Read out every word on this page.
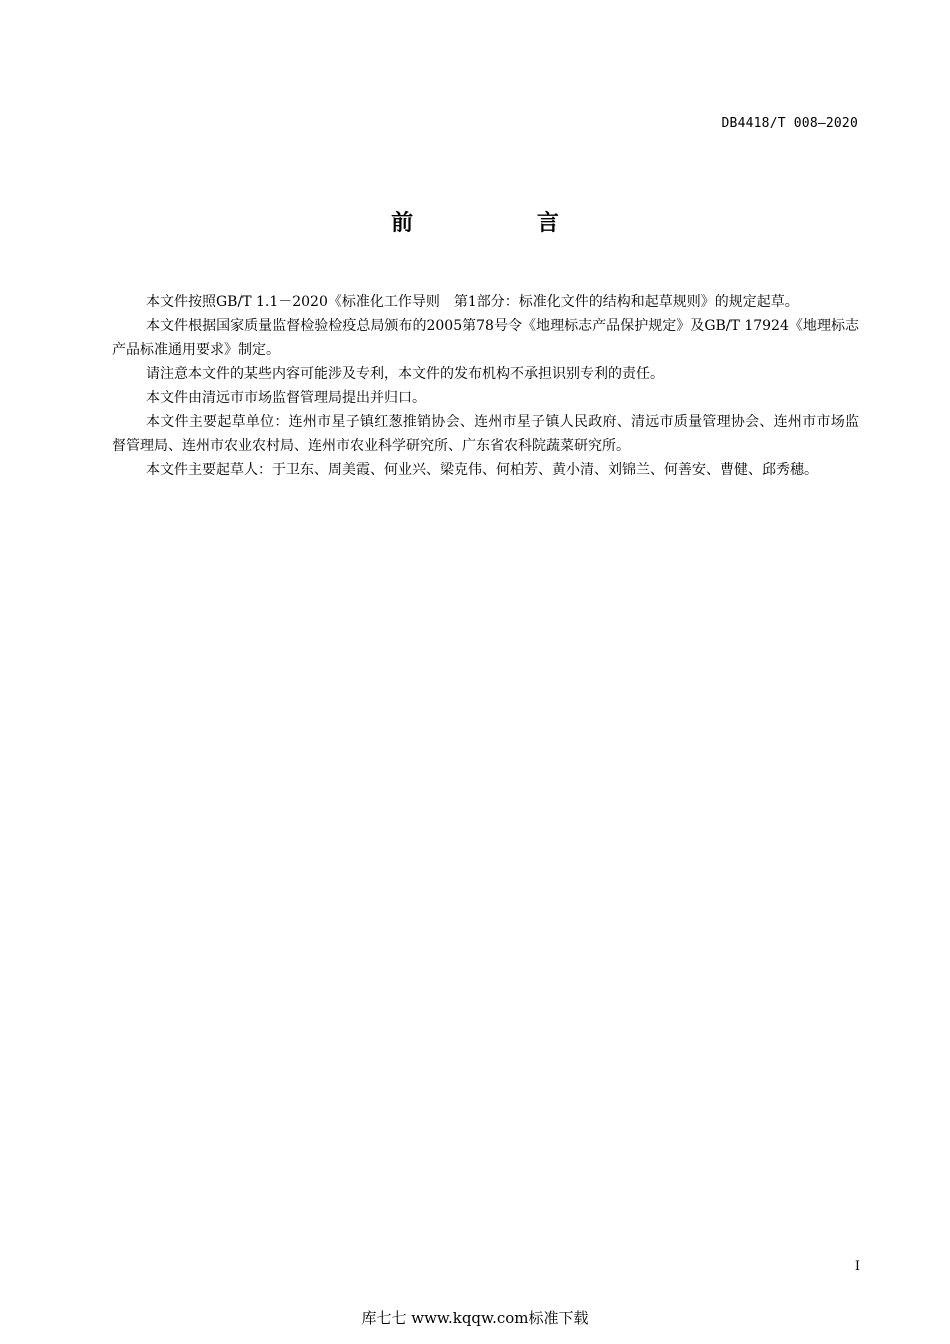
DB4418/T 008—2020
前 言

本文件按照GB/T 1.1－2020《标准化工作导则　第1部分：标准化文件的结构和起草规则》的规定起草。

本文件根据国家质量监督检验检疫总局颁布的2005第78号令《地理标志产品保护规定》及GB/T 17924《地理标志产品标准通用要求》制定。

请注意本文件的某些内容可能涉及专利，本文件的发布机构不承担识别专利的责任。

本文件由清远市市场监督管理局提出并归口。

本文件主要起草单位：连州市星子镇红葱推销协会、连州市星子镇人民政府、清远市质量管理协会、连州市市场监督管理局、连州市农业农村局、连州市农业科学研究所、广东省农科院蔬菜研究所。

本文件主要起草人：于卫东、周美霞、何业兴、梁克伟、何柏芳、黄小清、刘锦兰、何善安、曹健、邱秀穗。

I
库七七 www.kqqw.com标准下载
